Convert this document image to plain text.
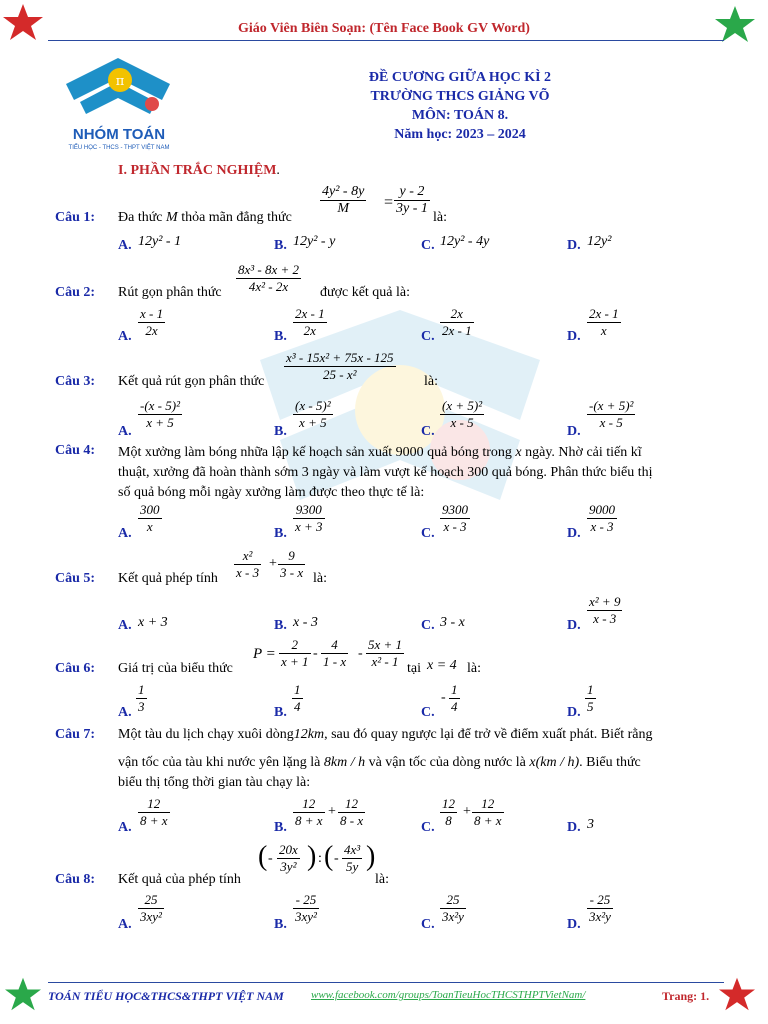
Giáo Viên Biên Soạn: (Tên Face Book GV Word)
π
NHÓM TOÁN
TIỂU HỌC - THCS - THPT VIỆT NAM
ĐỀ CƯƠNG GIỮA HỌC KÌ 2
TRƯỜNG THCS GIẢNG VÕ
MÔN: TOÁN 8.
Năm học: 2023 – 2024
I. PHẦN TRẮC NGHIỆM.
Câu 1: Đa thức M thỏa mãn đẳng thức
$\frac{\text{4y² - 8y}}{M} = \frac{y - 2}{3y - 1}$
là:
A. 12y² - 1	B. 12y² - y	C. 12y² - 4y	D. 12y²
Câu 2: Rút gọn phân thức $\frac{\text{8x³ - 8x + 2}}{\text{4x² - 2x}}$ được kết quả là:
A. $\frac{x - 1}{2x}$	B. $\frac{2x - 1}{2x}$	C. $\frac{2x}{2x - 1}$	D. $\frac{2x - 1}{x}$
Câu 3: Kết quả rút gọn phân thức $\frac{\text{x³ - 15x² + 75x - 125}}{\text{25 - x²}}$ là:
A.
$\frac{\text{-(x - 5)²}}{x + 5}$
B.
$\frac{\text{(x - 5)²}}{x + 5}$
C.
$\frac{\text{(x + 5)²}}{x - 5}$
D.
$\frac{\text{-(x + 5)²}}{x - 5}$
Câu 4: Một xưởng làm bóng nhữa lập kế hoạch sản xuất 9000 quả bóng trong x ngày. Nhờ cải tiến kĩ
thuật, xưởng đã hoàn thành sớm 3 ngày và làm vượt kế hoạch 300 quả bóng. Phân thức biểu thị
số quả bóng mỗi ngày xưởng làm được theo thực tế là:
A. $\frac{300}{x}$	B. $\frac{9300}{x + 3}$	C. $\frac{9300}{x - 3}$	D. $\frac{9000}{x - 3}$
Câu 5: Kết quả phép tính $\frac{\text{x²}}{x - 3} + \frac{9}{3 - x}$ là:
A. x + 3	B. x - 3	C. 3 - x	D. $\frac{\text{x² + 9}}{x - 3}$
Câu 6: Giá trị của biểu thức
$P = \frac{2}{x + 1} - \frac{4}{1 - x} - \frac{5x + 1}{\text{x² - 1}}$ tại x = 4 là:
A. $\frac{1}{3}$	B. $\frac{1}{4}$	C.
- $\frac{1}{4}$	D. $\frac{1}{5}$
Câu 7: Một tàu du lịch chạy xuôi dòng12km, sau đó quay ngược lại để trở về điểm xuất phát. Biết rằng
vận tốc của tàu khi nước yên lặng là 8km / h và vận tốc của dòng nước là x(km / h). Biểu thức
biểu thị tổng thời gian tàu chạy là:
A. $\frac{12}{8 + x}$	B. $\frac{12}{8 + x} + \frac{12}{8 - x}$	C. $\frac{12}{8} + \frac{12}{8 + x}$	D. 3
Câu 8: Kết quả của phép tính
( - $\frac{20x}{\text{3y²}}$ ) : ( - $\frac{\text{4x³}}{5y}$ )
là:
A. $\frac{25}{\text{3xy²}}$	B. $\frac{- 25}{\text{3xy²}}$	C. $\frac{25}{\text{3x²y}}$	D. $\frac{- 25}{\text{3x²y}}$
TOÁN TIỂU HỌC&THCS&THPT VIỆT NAM www.facebook.com/groups/ToanTieuHocTHCSTHPTVietNam/	Trang: 1.
